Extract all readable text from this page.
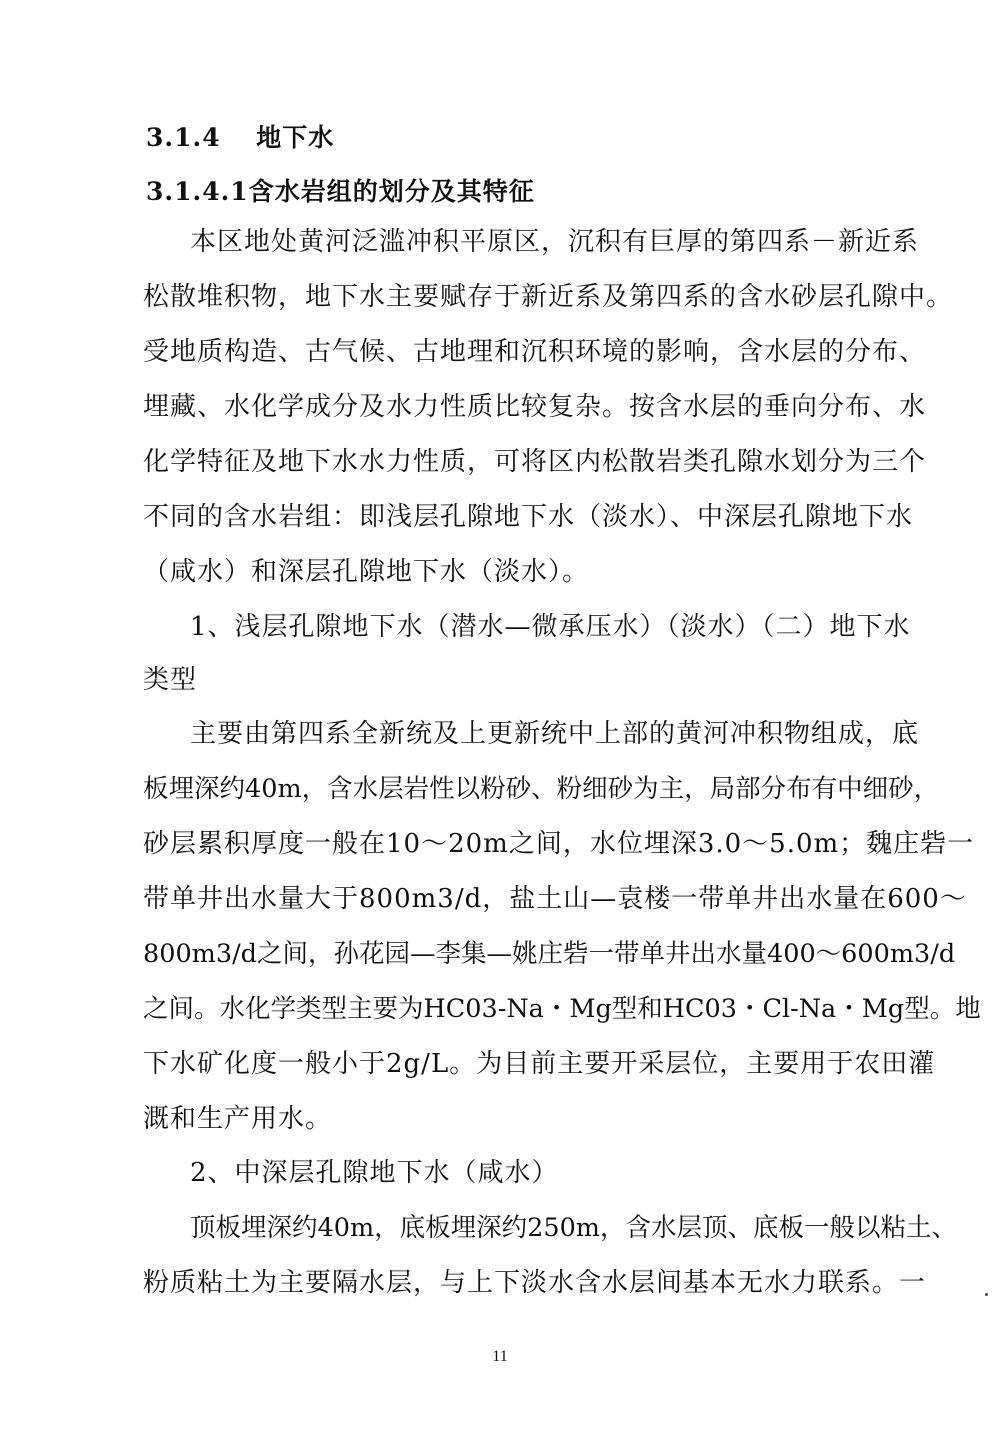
3.1.4　 地下水
3.1.4.1含水岩组的划分及其特征
本区地处黄河泛滥冲积平原区，沉积有巨厚的第四系－新近系
松散堆积物，地下水主要赋存于新近系及第四系的含水砂层孔隙中。
受地质构造、古气候、古地理和沉积环境的影响，含水层的分布、
埋藏、水化学成分及水力性质比较复杂。按含水层的垂向分布、水
化学特征及地下水水力性质，可将区内松散岩类孔隙水划分为三个
不同的含水岩组：即浅层孔隙地下水（淡水）、中深层孔隙地下水
（咸水）和深层孔隙地下水（淡水）。
1、浅层孔隙地下水（潜水—微承压水）（淡水）（二）地下水
类型
主要由第四系全新统及上更新统中上部的黄河冲积物组成，底
板埋深约40m，含水层岩性以粉砂、粉细砂为主，局部分布有中细砂，
砂层累积厚度一般在10～20m之间，水位埋深3.0～5.0m；魏庄砦一
带单井出水量大于800m3/d，盐土山—袁楼一带单井出水量在600～
800m3/d之间，孙花园—李集—姚庄砦一带单井出水量400～600m3/d
之间。水化学类型主要为HC03-Na・Mg型和HC03・Cl-Na・Mg型。地
下水矿化度一般小于2g/L。为目前主要开采层位，主要用于农田灌
溉和生产用水。
2、中深层孔隙地下水（咸水）
顶板埋深约40m，底板埋深约250m，含水层顶、底板一般以粘土、
粉质粘土为主要隔水层，与上下淡水含水层间基本无水力联系。一
11
